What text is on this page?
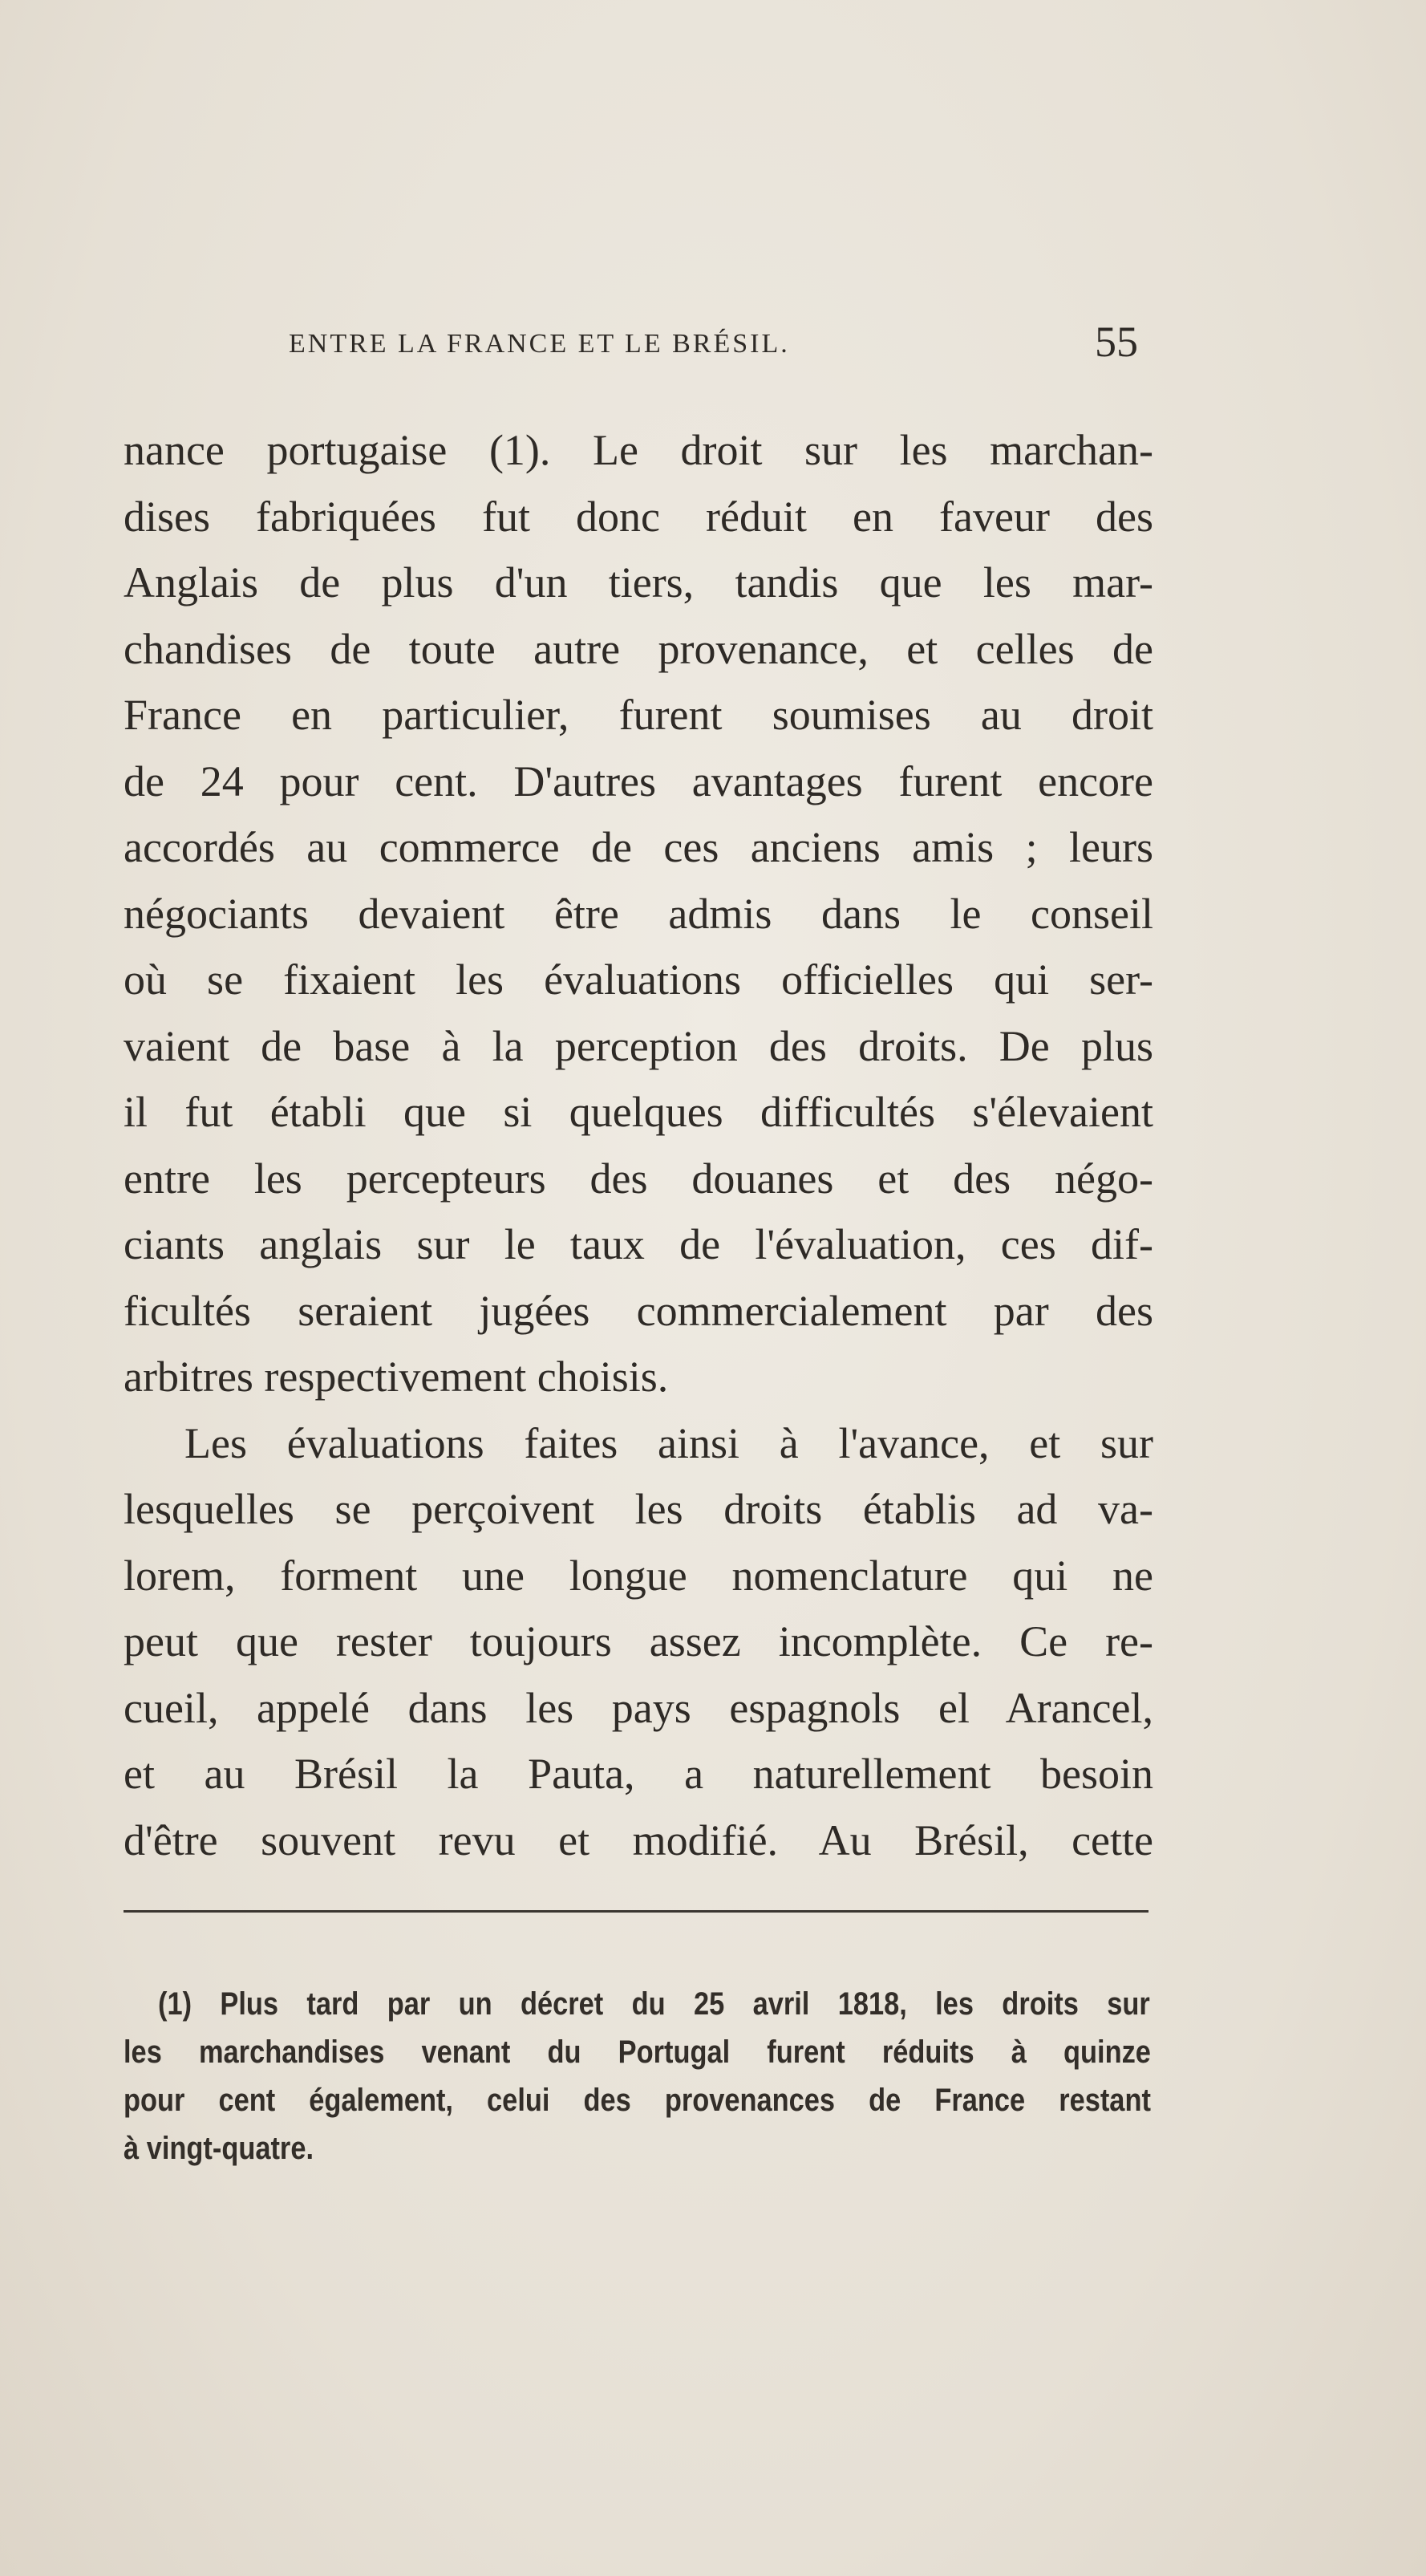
ENTRE LA FRANCE ET LE BRÉSIL.	55
nance portugaise (1). Le droit sur les marchan-
dises fabriquées fut donc réduit en faveur des
Anglais de plus d'un tiers, tandis que les mar-
chandises de toute autre provenance, et celles de
France en particulier, furent soumises au droit
de 24 pour cent. D'autres avantages furent encore
accordés au commerce de ces anciens amis ; leurs
négociants devaient être admis dans le conseil
où se fixaient les évaluations officielles qui ser-
vaient de base à la perception des droits. De plus
il fut établi que si quelques difficultés s'élevaient
entre les percepteurs des douanes et des négo-
ciants anglais sur le taux de l'évaluation, ces dif-
ficultés seraient jugées commercialement par des
arbitres respectivement choisis.
Les évaluations faites ainsi à l'avance, et sur
lesquelles se perçoivent les droits établis ad va-
lorem, forment une longue nomenclature qui ne
peut que rester toujours assez incomplète. Ce re-
cueil, appelé dans les pays espagnols el Arancel,
et au Brésil la Pauta, a naturellement besoin
d'être souvent revu et modifié. Au Brésil, cette
(1) Plus tard par un décret du 25 avril 1818, les droits sur
les marchandises venant du Portugal furent réduits à quinze
pour cent également, celui des provenances de France restant
à vingt-quatre.
